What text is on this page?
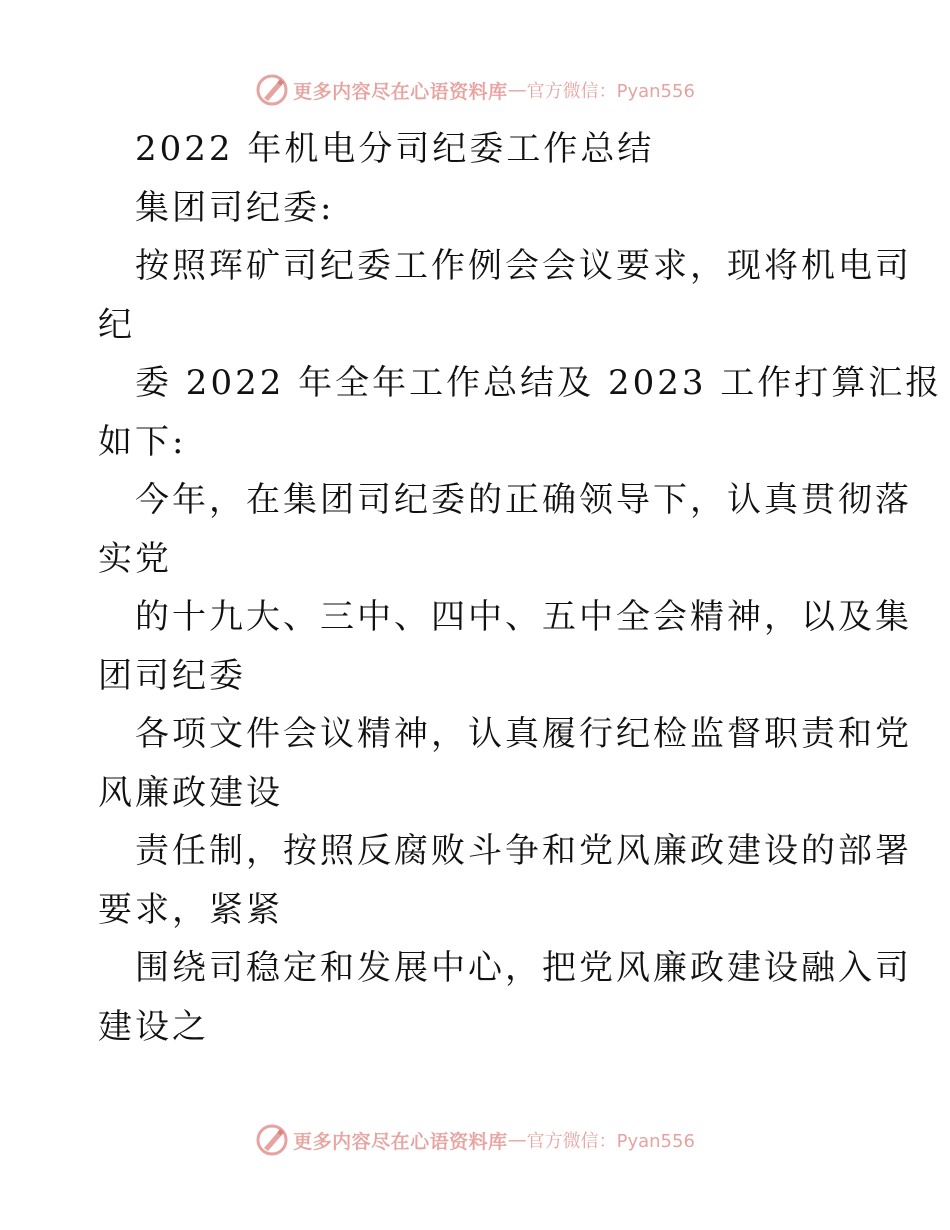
更多内容尽在心语资料库 — 官方微信：Pyan556
2022 年机电分司纪委工作总结
集团司纪委:
按照珲矿司纪委工作例会会议要求，现将机电司
纪
委 2022 年全年工作总结及 2023 工作打算汇报
如下:
今年，在集团司纪委的正确领导下，认真贯彻落
实党
的十九大、三中、四中、五中全会精神，以及集
团司纪委
各项文件会议精神，认真履行纪检监督职责和党
风廉政建设
责任制，按照反腐败斗争和党风廉政建设的部署
要求，紧紧
围绕司稳定和发展中心，把党风廉政建设融入司
建设之
更多内容尽在心语资料库 — 官方微信：Pyan556
